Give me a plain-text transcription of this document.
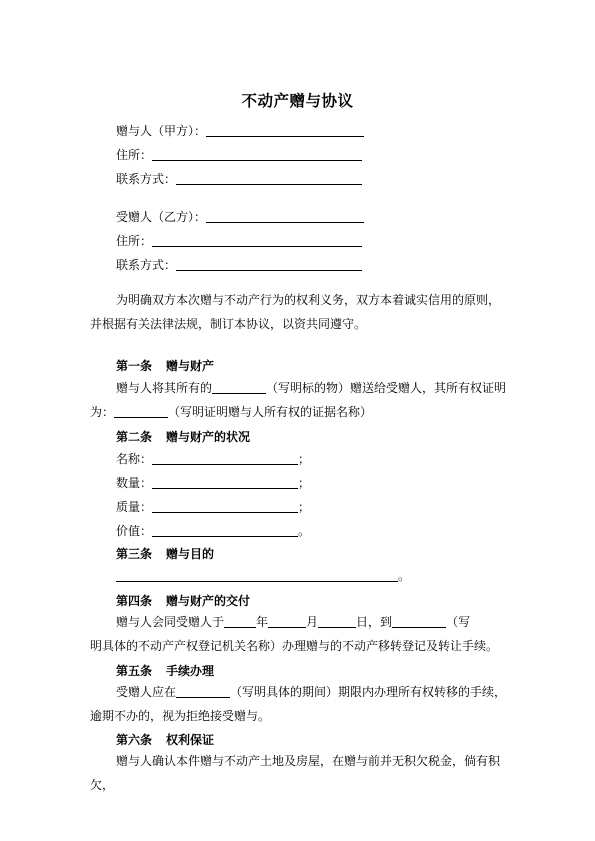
不动产赠与协议
赠与人（甲方）：
住所：
联系方式：
受赠人（乙方）：
住所：
联系方式：
为明确双方本次赠与不动产行为的权利义务，双方本着诚实信用的原则，并根据有关法律法规，制订本协议，以资共同遵守。
第一条 赠与财产
赠与人将其所有的	（写明标的物）赠送给受赠人，其所有权证明
为：	（写明证明赠与人所有权的证据名称）
第二条 赠与财产的状况
名称：	；
数量：	；
质量：	；
价值：	。
第三条 赠与目的
。
第四条 赠与财产的交付
赠与人会同受赠人于	年	月	日，到	（写
明具体的不动产产权登记机关名称）办理赠与的不动产移转登记及转让手续。
第五条 手续办理
受赠人应在	（写明具体的期间）期限内办理所有权转移的手续，
逾期不办的，视为拒绝接受赠与。
第六条 权利保证
赠与人确认本件赠与不动产土地及房屋，在赠与前并无积欠税金，倘有积欠，
